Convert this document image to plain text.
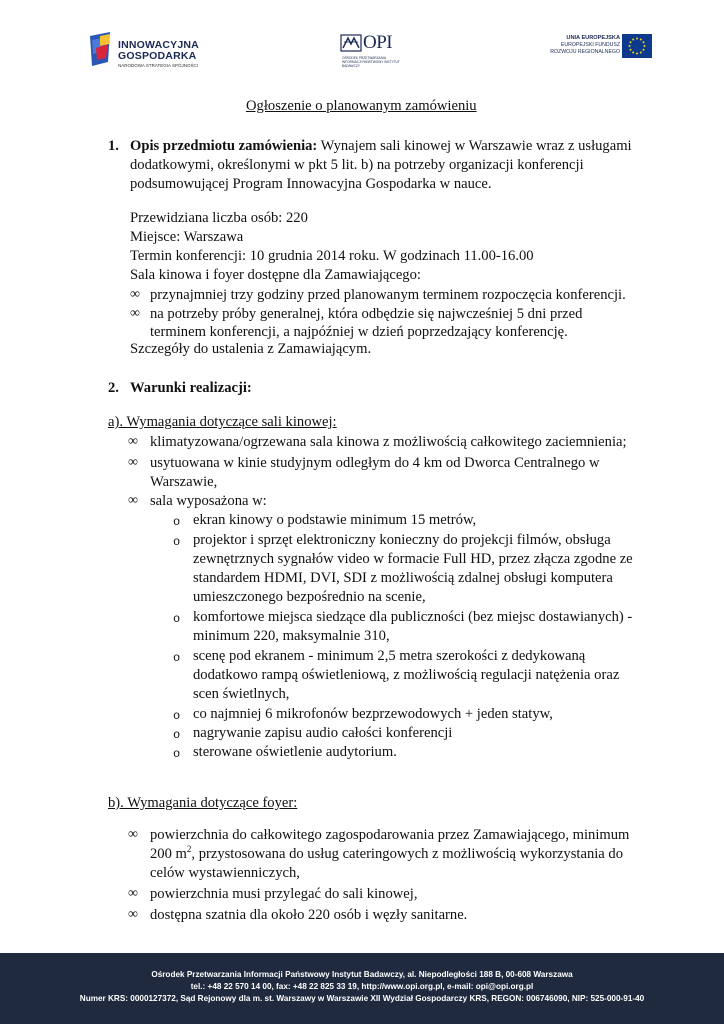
INNOWACYJNA
GOSPODARKA
NARODOWA STRATEGIA SPÓJNOŚCI
OPI
OŚRODEK PRZETWARZANIA INFORMACJI PAŃSTWOWY INSTYTUT BADAWCZY
UNIA EUROPEJSKA
EUROPEJSKI FUNDUSZ
ROZWOJU REGIONALNEGO
Ogłoszenie o planowanym zamówieniu
1. Opis przedmiotu zamówienia: Wynajem sali kinowej w Warszawie wraz z usługami
dodatkowymi, określonymi w pkt 5 lit. b) na potrzeby organizacji konferencji
podsumowującej Program Innowacyjna Gospodarka w nauce.
Przewidziana liczba osób: 220
Miejsce: Warszawa
Termin konferencji: 10 grudnia 2014 roku. W godzinach 11.00-16.00
Sala kinowa i foyer dostępne dla Zamawiającego:
∞ przynajmniej trzy godziny przed planowanym terminem rozpoczęcia konferencji.
∞ na potrzeby próby generalnej, która odbędzie się najwcześniej 5 dni przed
terminem konferencji, a najpóźniej w dzień poprzedzający konferencję.
Szczegóły do ustalenia z Zamawiającym.
2. Warunki realizacji:
a). Wymagania dotyczące sali kinowej:
∞ klimatyzowana/ogrzewana sala kinowa z możliwością całkowitego zaciemnienia;
∞ usytuowana w kinie studyjnym odległym do 4 km od Dworca Centralnego w
Warszawie,
∞ sala wyposażona w:
o ekran kinowy o podstawie minimum 15 metrów,
o projektor i sprzęt elektroniczny konieczny do projekcji filmów, obsługa
zewnętrznych sygnałów video w formacie Full HD, przez złącza zgodne ze
standardem HDMI, DVI, SDI z możliwością zdalnej obsługi komputera
umieszczonego bezpośrednio na scenie,
o komfortowe miejsca siedzące dla publiczności (bez miejsc dostawianych) -
minimum 220, maksymalnie 310,
o scenę pod ekranem - minimum 2,5 metra szerokości z dedykowaną
dodatkowo rampą oświetleniową, z możliwością regulacji natężenia oraz
scen świetlnych,
o co najmniej 6 mikrofonów bezprzewodowych + jeden statyw,
o nagrywanie zapisu audio całości konferencji
o sterowane oświetlenie audytorium.
b). Wymagania dotyczące foyer:
∞ powierzchnia do całkowitego zagospodarowania przez Zamawiającego, minimum
200 $m^2$, przystosowana do usług cateringowych z możliwością wykorzystania do
celów wystawienniczych,
∞ powierzchnia musi przylegać do sali kinowej,
∞ dostępna szatnia dla około 220 osób i węzły sanitarne.
Ośrodek Przetwarzania Informacji Państwowy Instytut Badawczy, al. Niepodległości 188 B, 00-608 Warszawa
tel.: +48 22 570 14 00, fax: +48 22 825 33 19, http://www.opi.org.pl, e-mail: opi@opi.org.pl
Numer KRS: 0000127372, Sąd Rejonowy dla m. st. Warszawy w Warszawie XII Wydział Gospodarczy KRS, REGON: 006746090, NIP: 525-000-91-40
